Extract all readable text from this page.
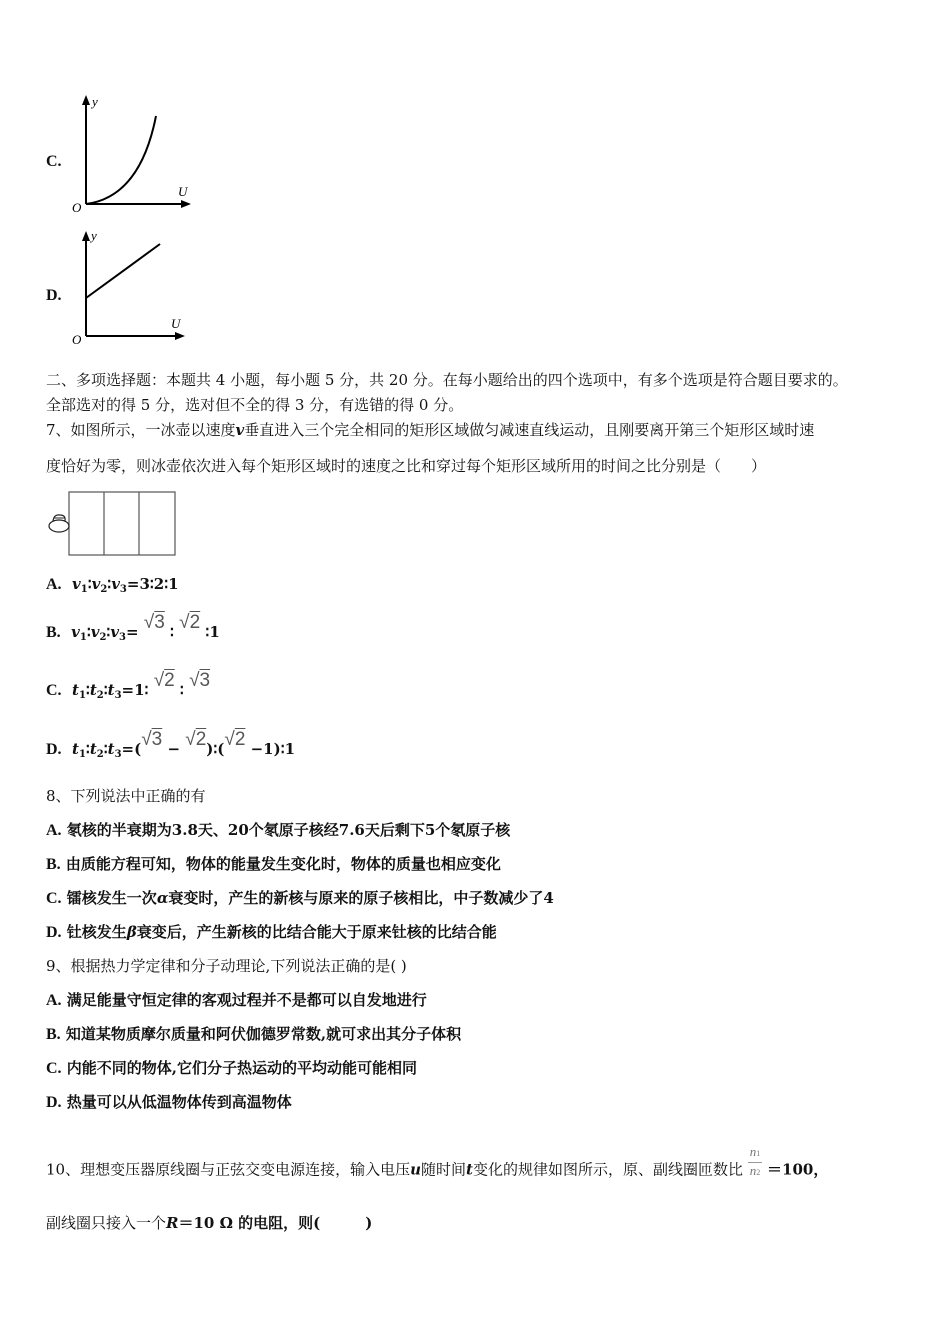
C.
y
U
O
D.
y
U
O
二、多项选择题：本题共 4 小题，每小题 5 分，共 20 分。在每小题给出的四个选项中，有多个选项是符合题目要求的。
全部选对的得 5 分，选对但不全的得 3 分，有选错的得 0 分。
7、如图所示，一冰壶以速度v垂直进入三个完全相同的矩形区域做匀减速直线运动，且刚要离开第三个矩形区域时速
度恰好为零，则冰壶依次进入每个矩形区域时的速度之比和穿过每个矩形区域所用的时间之比分别是（　　）
A. $v_1∶v_2∶v_3=3∶2∶1$
B. $v_1∶v_2∶v_3= √3$ ∶ √2 ∶1
C. $t_1∶t_2∶t_3=1∶$ √2 ∶ √3
D. $t_1∶t_2∶t_3=(√3$ − √2)∶(√2 −1)∶1
8、下列说法中正确的有
A. 氡核的半衰期为3.8天、20个氡原子核经7.6天后剩下5个氡原子核
B. 由质能方程可知，物体的能量发生变化时，物体的质量也相应变化
C. 镭核发生一次α衰变时，产生的新核与原来的原子核相比，中子数减少了4
D. 钍核发生β衰变后，产生新核的比结合能大于原来钍核的比结合能
9、根据热力学定律和分子动理论,下列说法正确的是( )
A. 满足能量守恒定律的客观过程并不是都可以自发地进行
B. 知道某物质摩尔质量和阿伏伽德罗常数,就可求出其分子体积
C. 内能不同的物体,它们分子热运动的平均动能可能相同
D. 热量可以从低温物体传到高温物体
10、理想变压器原线圈与正弦交变电源连接，输入电压u随时间t变化的规律如图所示，原、副线圈匝数比 $\frac{n1}{n2} =100$，
副线圈只接入一个R＝10 Ω 的电阻，则(　　　)
